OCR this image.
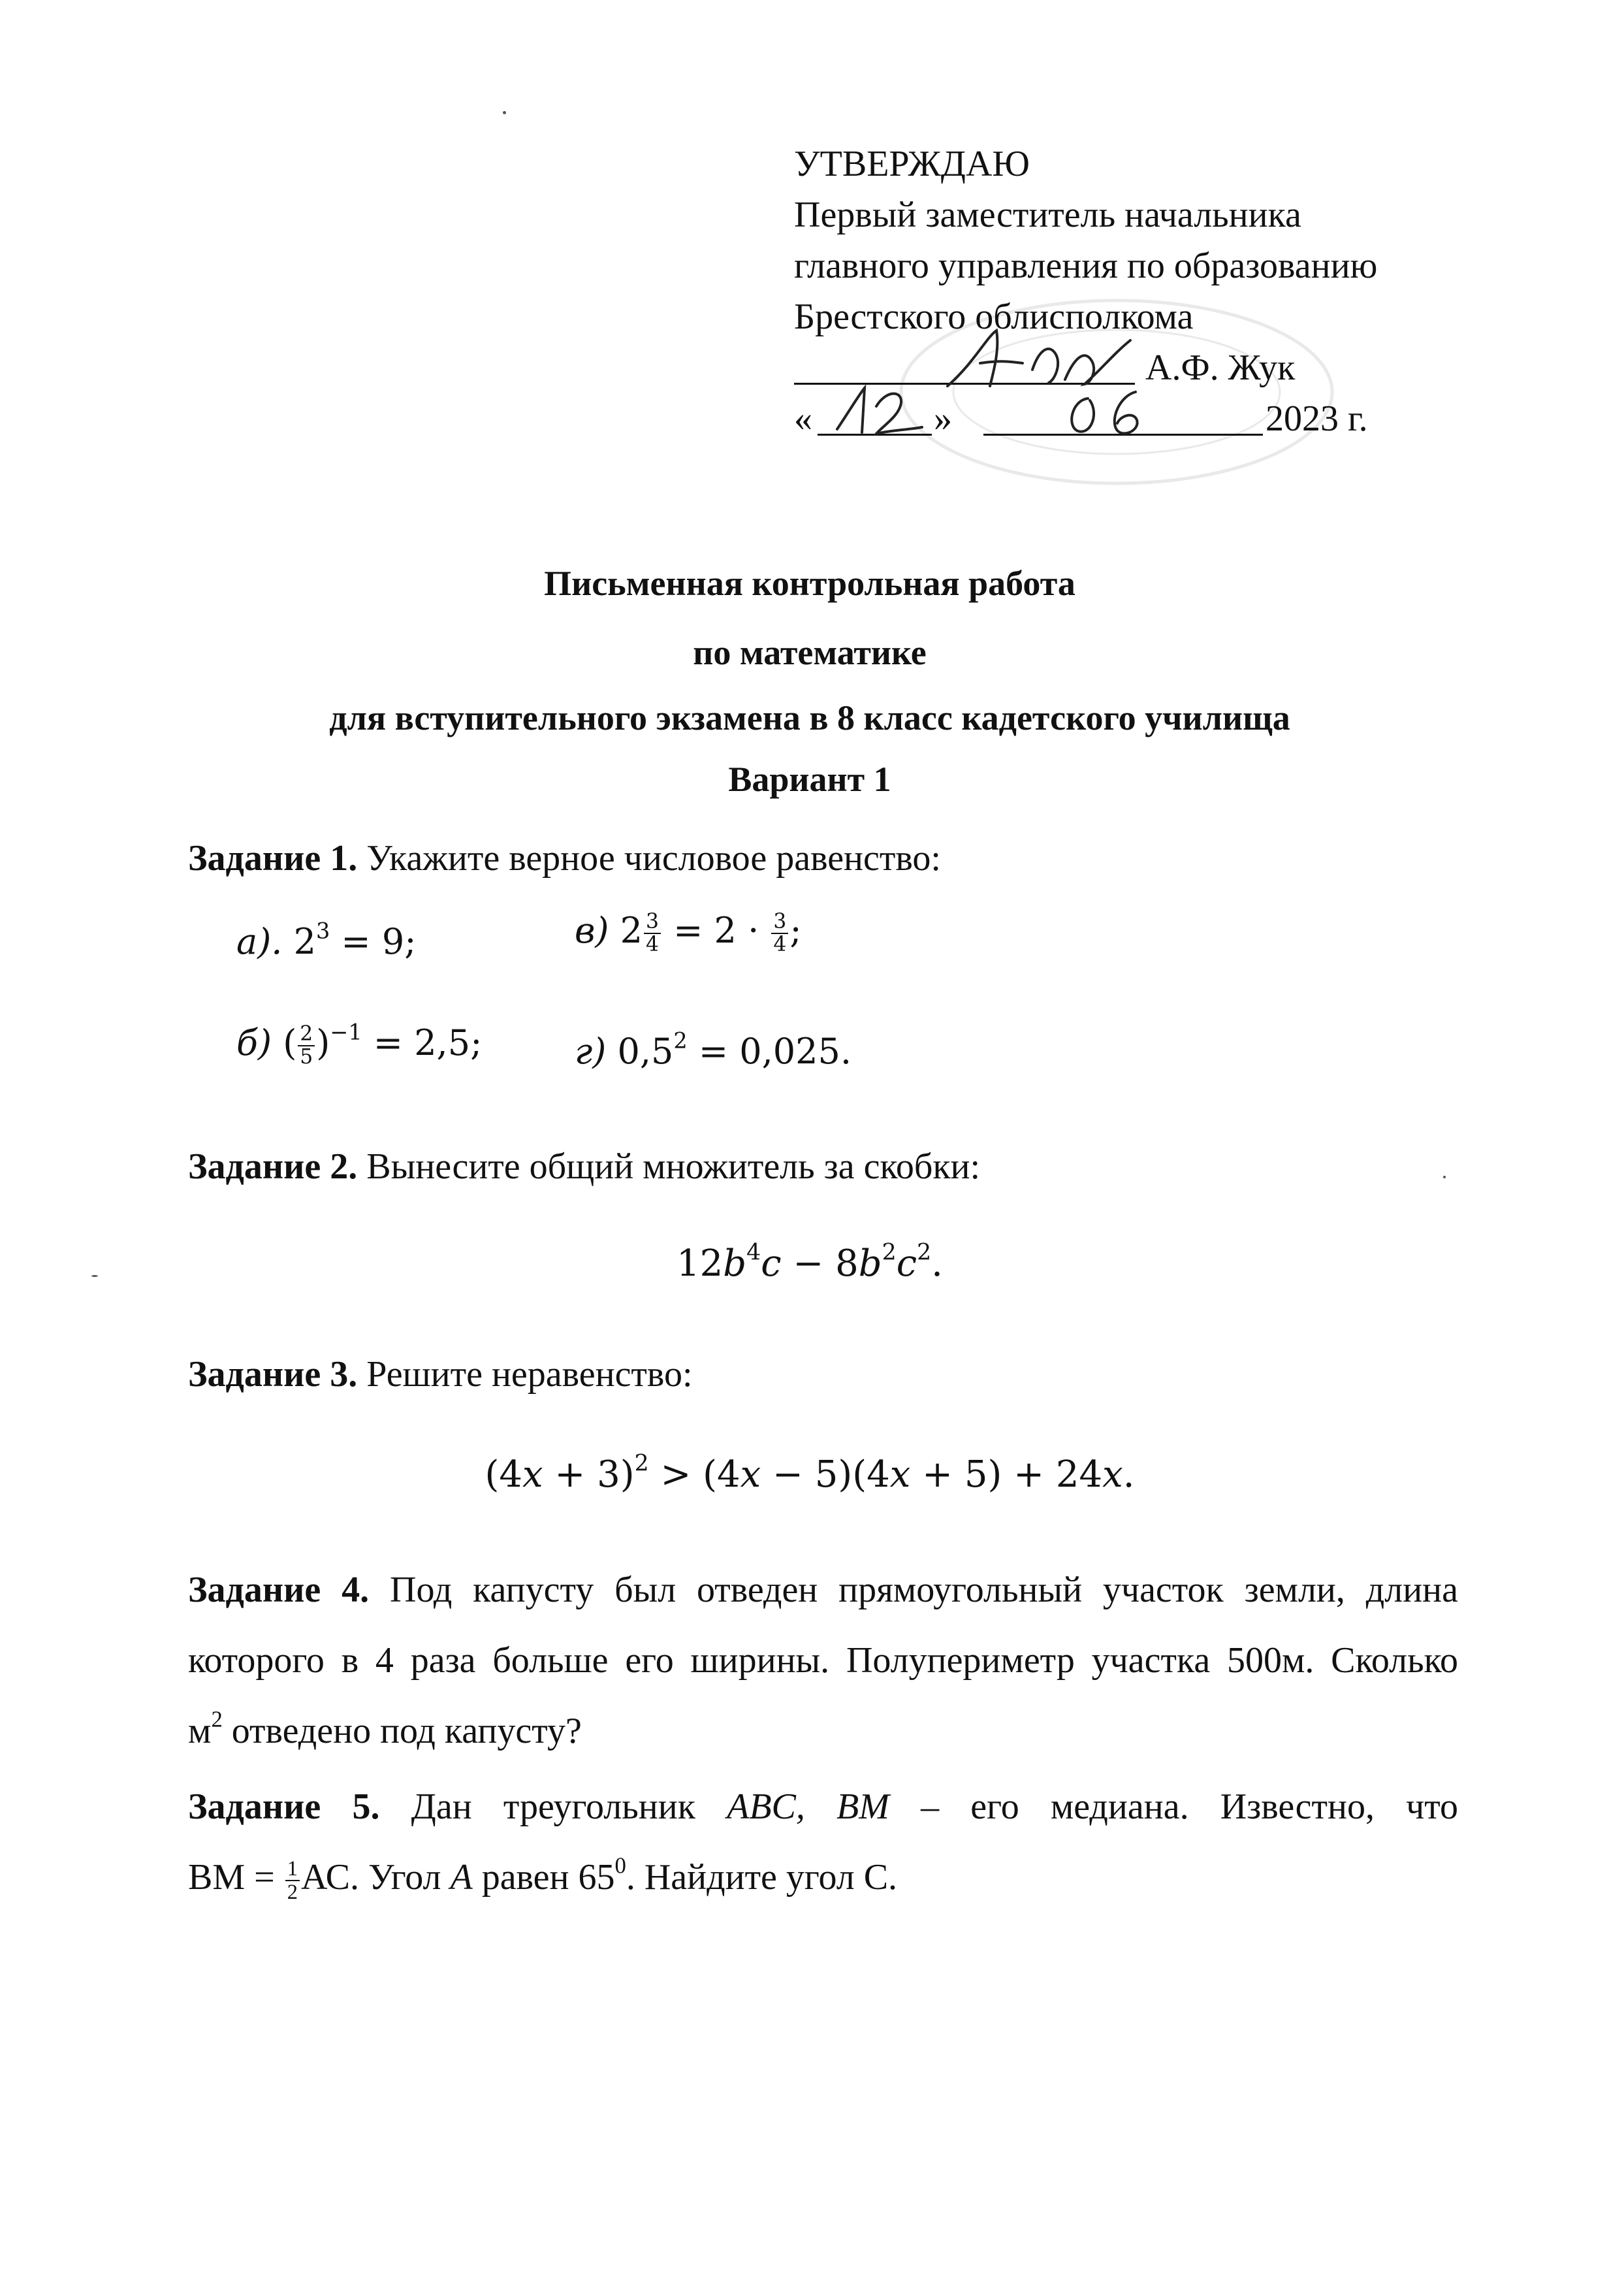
УТВЕРЖДАЮ
Первый заместитель начальника
главного управления по образованию
Брестского облисполкома
А.Ф. Жук
«	»	2023 г.
Письменная контрольная работа
по математике
для вступительного экзамена в 8 класс кадетского училища
Вариант 1
Задание 1. Укажите верное числовое равенство:
а). $2^3 = 9$;	в) $2 \frac{3}{4} = 2 \cdot \frac{3}{4}$ ;
б) ( $\frac{2}{5} )^{-1} = 2,5$;	г) $0,5^2 = 0,025$.
Задание 2. Вынесите общий множитель за скобки:
$12b^4c - 8b^2c^2$.
Задание 3. Решите неравенство:
$(4x + 3)^2 > (4x - 5)(4x + 5) + 24x$.
Задание 4. Под капусту был отведен прямоугольный участок земли, длина
которого в 4 раза больше его ширины. Полупериметр участка 500м. Сколько
$м^2$ отведено под капусту?
Задание 5. Дан треугольник ABC, BM – его медиана. Известно, что
ВМ = $\frac{1}{2}$ АС. Угол А равен $65^0$. Найдите угол С.
